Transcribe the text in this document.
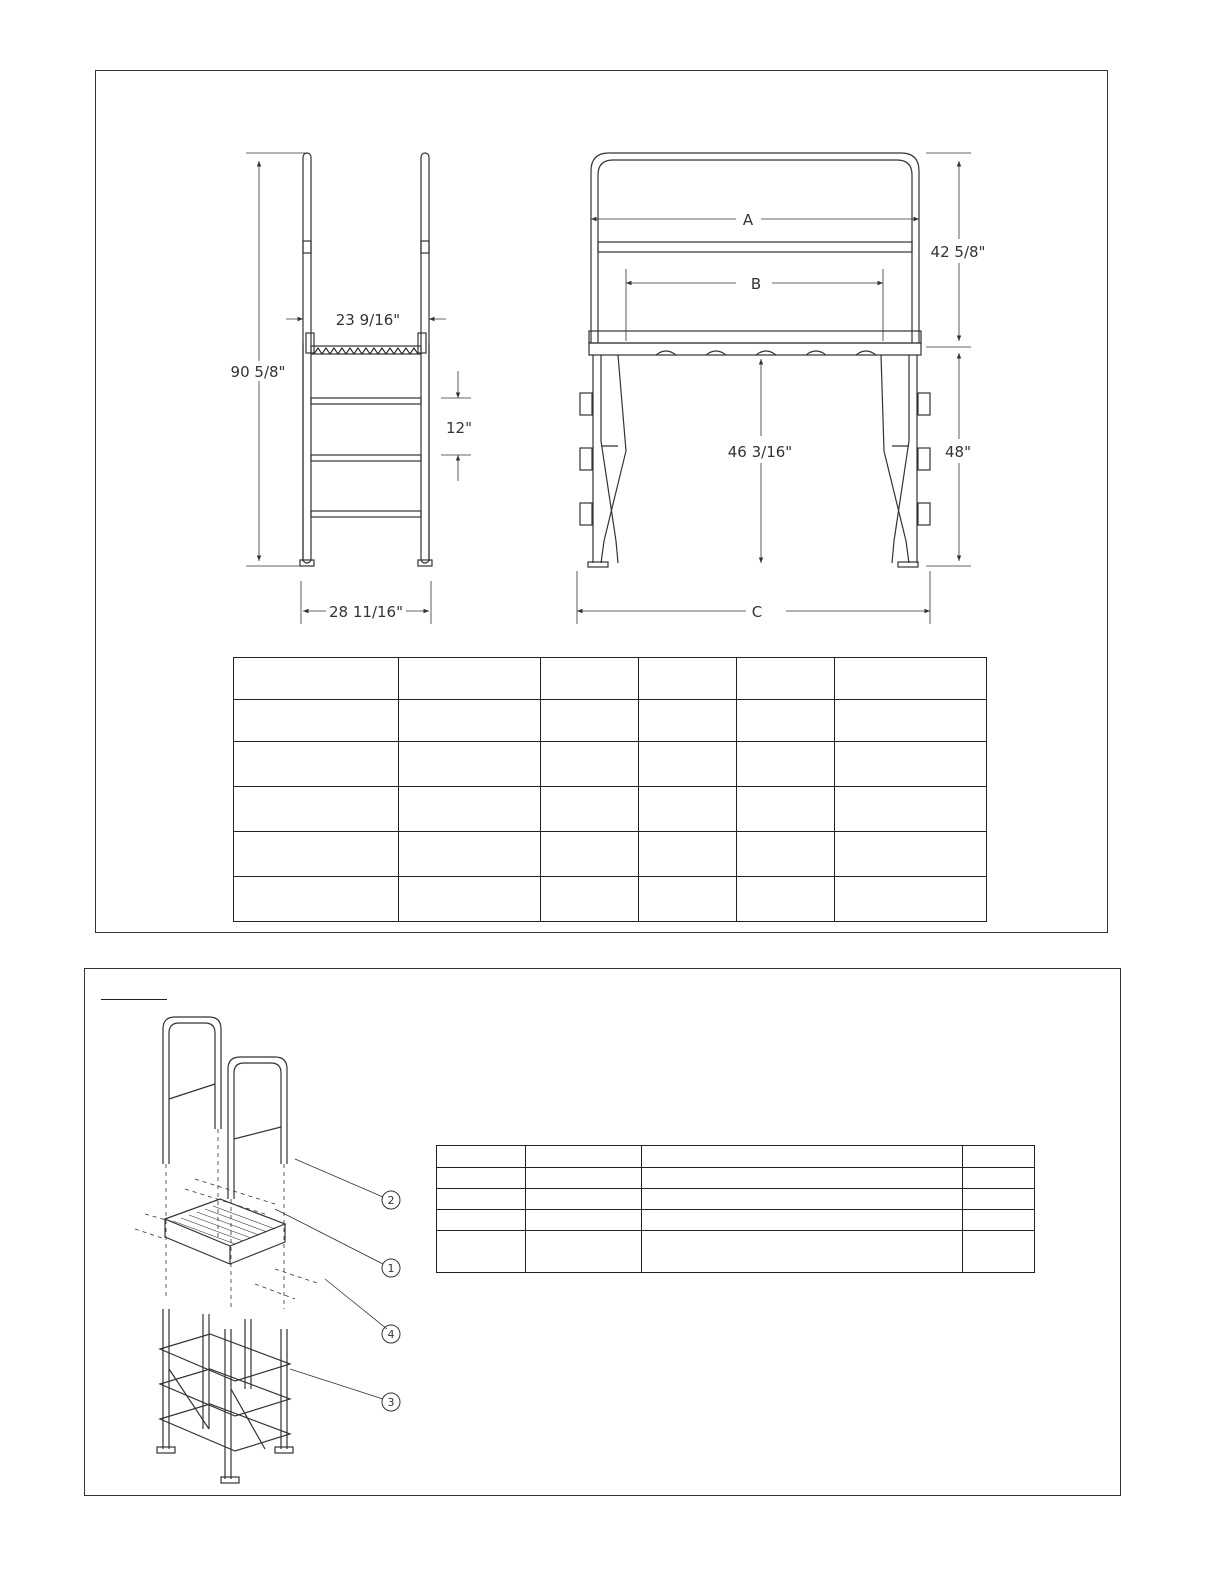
90 5/8"
23 9/16"
12"
28 11/16"
A
B
C
42 5/8"
48"
46 3/16"

2
1
4
3
